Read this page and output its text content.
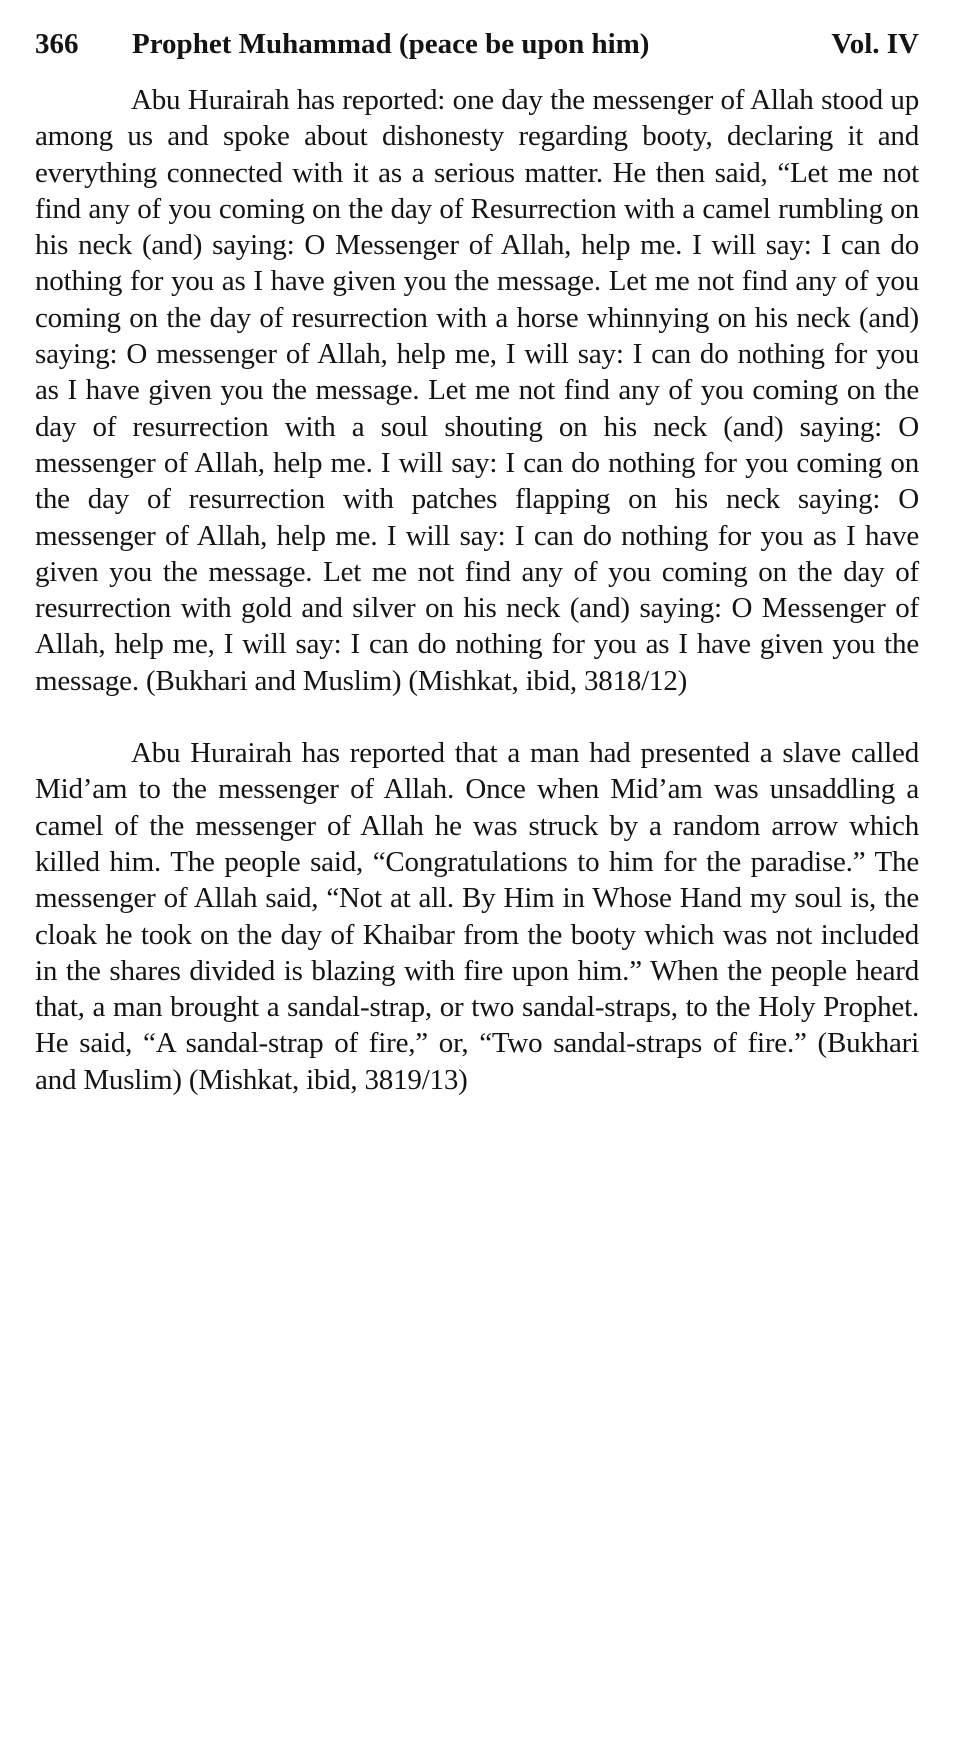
366	Prophet Muhammad (peace be upon him)	Vol. IV

Abu Hurairah has reported: one day the messenger of Allah stood up among us and spoke about dishonesty regarding booty, declaring it and everything connected with it as a serious matter. He then said, “Let me not find any of you coming on the day of Resurrection with a camel rumbling on his neck (and) saying: O Messenger of Allah, help me. I will say: I can do nothing for you as I have given you the message. Let me not find any of you coming on the day of resurrection with a horse whinnying on his neck (and) saying: O messenger of Allah, help me, I will say: I can do nothing for you as I have given you the message. Let me not find any of you coming on the day of resurrection with a soul shouting on his neck (and) saying: O messenger of Allah, help me. I will say: I can do nothing for you coming on the day of resurrection with patches flapping on his neck saying: O messenger of Allah, help me. I will say: I can do nothing for you as I have given you the message. Let me not find any of you coming on the day of resurrection with gold and silver on his neck (and) saying: O Messenger of Allah, help me, I will say: I can do nothing for you as I have given you the message. (Bukhari and Muslim) (Mishkat, ibid, 3818/12)

Abu Hurairah has reported that a man had presented a slave called Mid’am to the messenger of Allah. Once when Mid’am was unsaddling a camel of the messenger of Allah he was struck by a random arrow which killed him. The people said, “Congratulations to him for the paradise.” The messenger of Allah said, “Not at all. By Him in Whose Hand my soul is, the cloak he took on the day of Khaibar from the booty which was not included in the shares divided is blazing with fire upon him.” When the people heard that, a man brought a sandal-strap, or two sandal-straps, to the Holy Prophet. He said, “A sandal-strap of fire,” or, “Two sandal-straps of fire.” (Bukhari and Muslim) (Mishkat, ibid, 3819/13)
